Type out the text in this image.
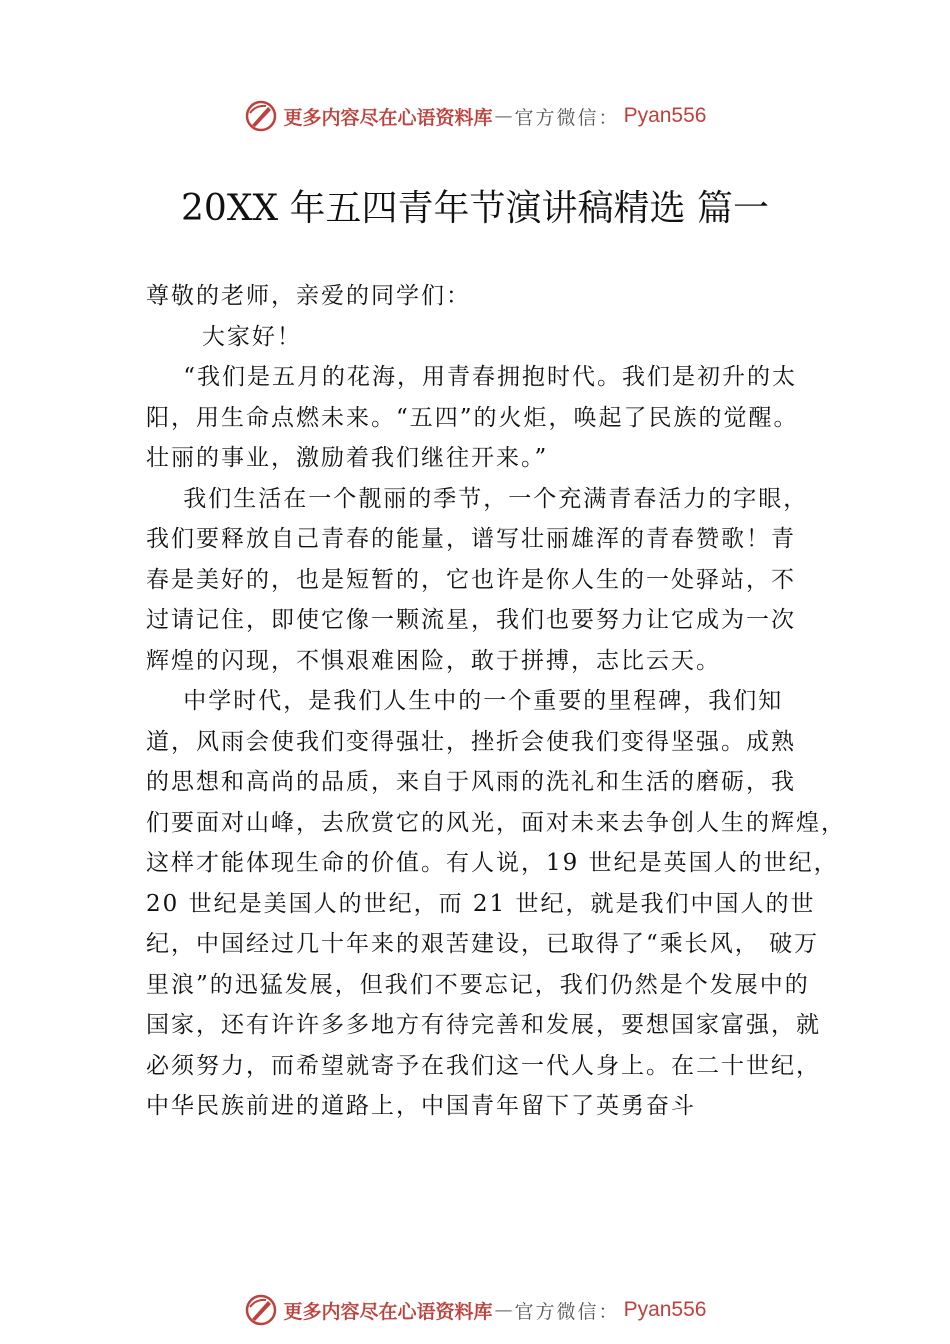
更多内容尽在心语资料库 — 官方微信： Pyan556
20XX 年五四青年节演讲稿精选 篇一
尊敬的老师，亲爱的同学们：
大家好！
“我们是五月的花海，用青春拥抱时代。我们是初升的太
阳，用生命点燃未来。“五四”的火炬，唤起了民族的觉醒。
壮丽的事业，激励着我们继往开来。”
我们生活在一个靓丽的季节，一个充满青春活力的字眼，
我们要释放自己青春的能量，谱写壮丽雄浑的青春赞歌！青
春是美好的，也是短暂的，它也许是你人生的一处驿站，不
过请记住，即使它像一颗流星，我们也要努力让它成为一次
辉煌的闪现，不惧艰难困险，敢于拼搏，志比云天。
中学时代，是我们人生中的一个重要的里程碑，我们知
道，风雨会使我们变得强壮，挫折会使我们变得坚强。成熟
的思想和高尚的品质，来自于风雨的洗礼和生活的磨砺，我
们要面对山峰，去欣赏它的风光，面对未来去争创人生的辉煌，
这样才能体现生命的价值。有人说，19 世纪是英国人的世纪，
20 世纪是美国人的世纪，而 21 世纪，就是我们中国人的世
纪，中国经过几十年来的艰苦建设，已取得了“乘长风， 破万
里浪”的迅猛发展，但我们不要忘记，我们仍然是个发展中的
国家，还有许许多多地方有待完善和发展，要想国家富强，就
必须努力，而希望就寄予在我们这一代人身上。在二十世纪，
中华民族前进的道路上，中国青年留下了英勇奋斗
更多内容尽在心语资料库 — 官方微信： Pyan556
